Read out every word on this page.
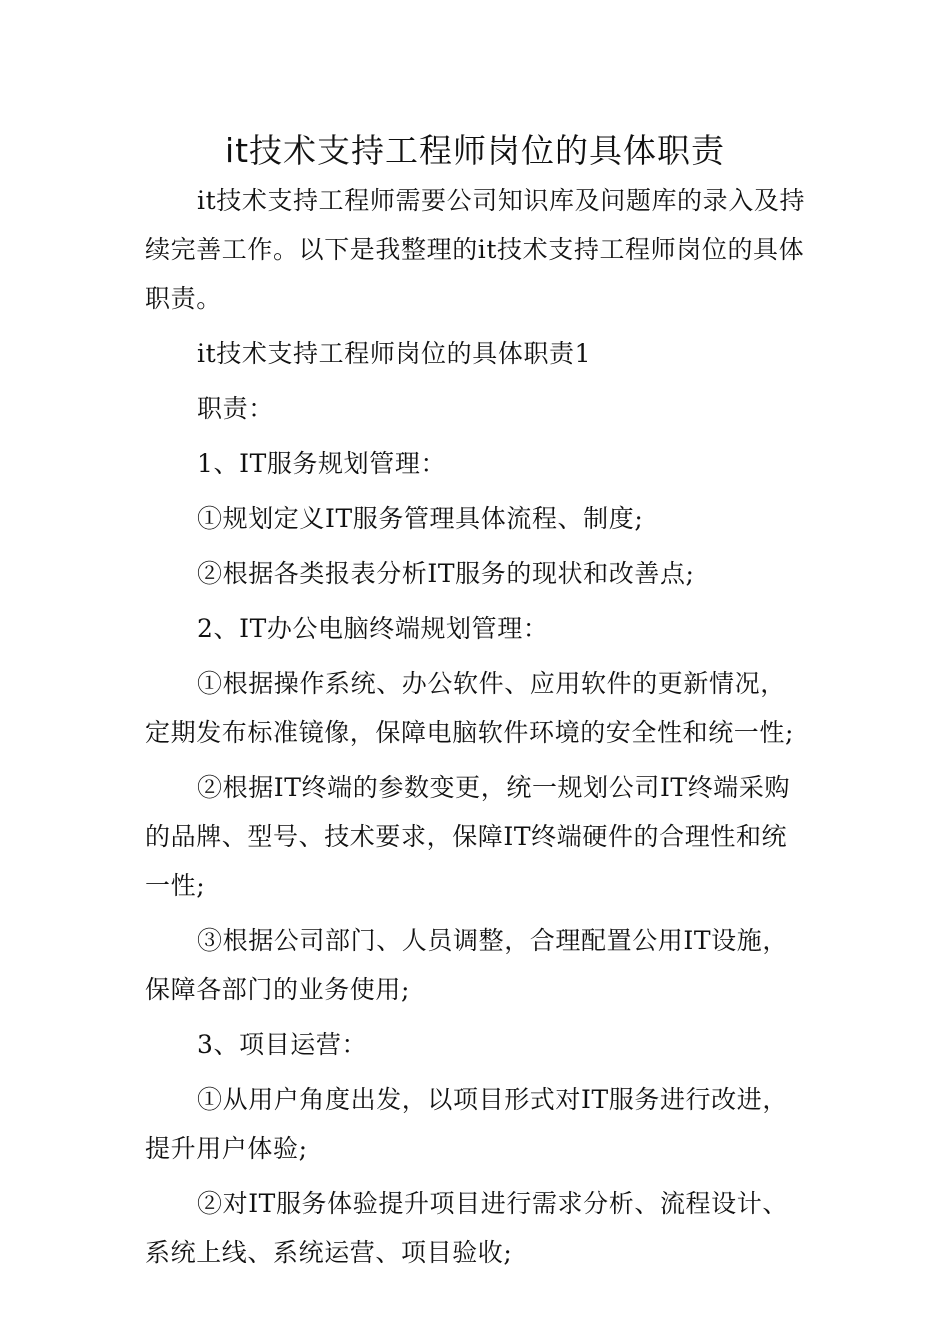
it技术支持工程师岗位的具体职责

it技术支持工程师需要公司知识库及问题库的录入及持续完善工作。以下是我整理的it技术支持工程师岗位的具体职责。

it技术支持工程师岗位的具体职责1

职责：

1、IT服务规划管理：

①规划定义IT服务管理具体流程、制度;

②根据各类报表分析IT服务的现状和改善点;

2、IT办公电脑终端规划管理：

①根据操作系统、办公软件、应用软件的更新情况，定期发布标准镜像，保障电脑软件环境的安全性和统一性;

②根据IT终端的参数变更，统一规划公司IT终端采购的品牌、型号、技术要求，保障IT终端硬件的合理性和统一性;

③根据公司部门、人员调整，合理配置公用IT设施，保障各部门的业务使用;

3、项目运营：

①从用户角度出发，以项目形式对IT服务进行改进，提升用户体验;

②对IT服务体验提升项目进行需求分析、流程设计、系统上线、系统运营、项目验收;
